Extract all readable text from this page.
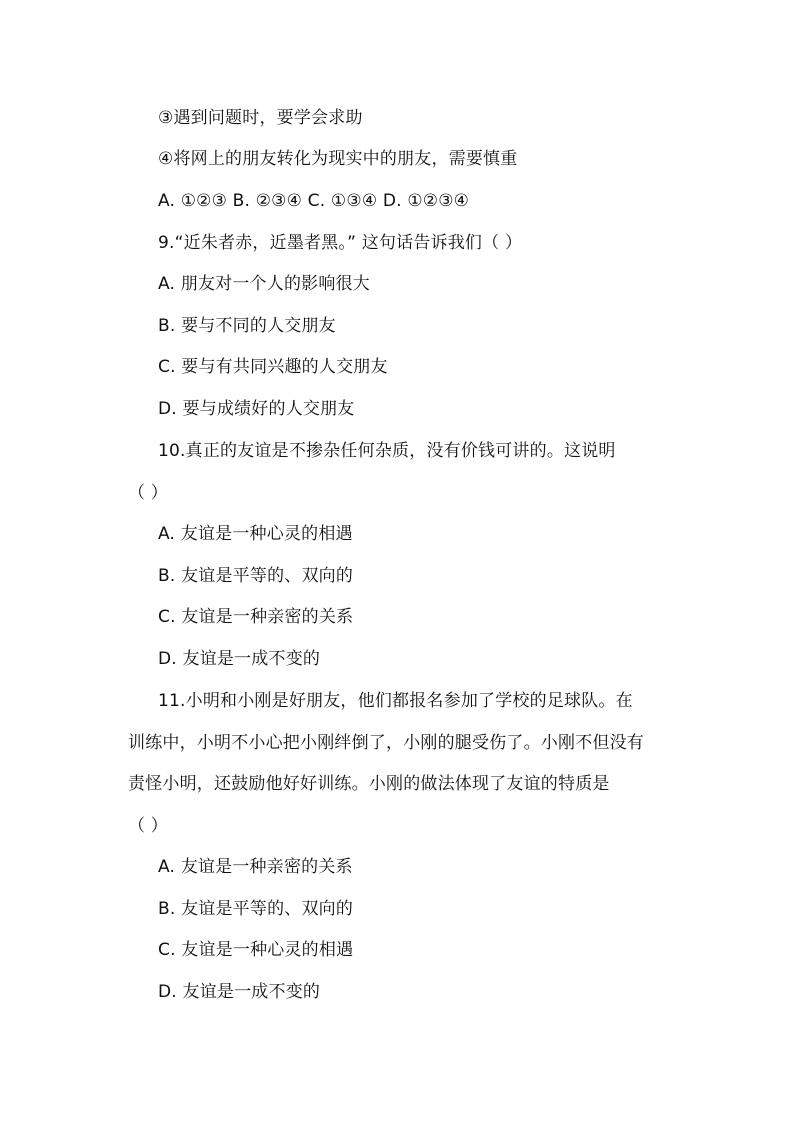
③遇到问题时，要学会求助
④将网上的朋友转化为现实中的朋友，需要慎重
A. ①②③ B. ②③④ C. ①③④ D. ①②③④
9.“近朱者赤，近墨者黑。” 这句话告诉我们（ ）
A. 朋友对一个人的影响很大
B. 要与不同的人交朋友
C. 要与有共同兴趣的人交朋友
D. 要与成绩好的人交朋友
10.真正的友谊是不掺杂任何杂质，没有价钱可讲的。这说明
（ ）
A. 友谊是一种心灵的相遇
B. 友谊是平等的、双向的
C. 友谊是一种亲密的关系
D. 友谊是一成不变的
11.小明和小刚是好朋友，他们都报名参加了学校的足球队。在
训练中，小明不小心把小刚绊倒了，小刚的腿受伤了。小刚不但没有
责怪小明，还鼓励他好好训练。小刚的做法体现了友谊的特质是
（ ）
A. 友谊是一种亲密的关系
B. 友谊是平等的、双向的
C. 友谊是一种心灵的相遇
D. 友谊是一成不变的
